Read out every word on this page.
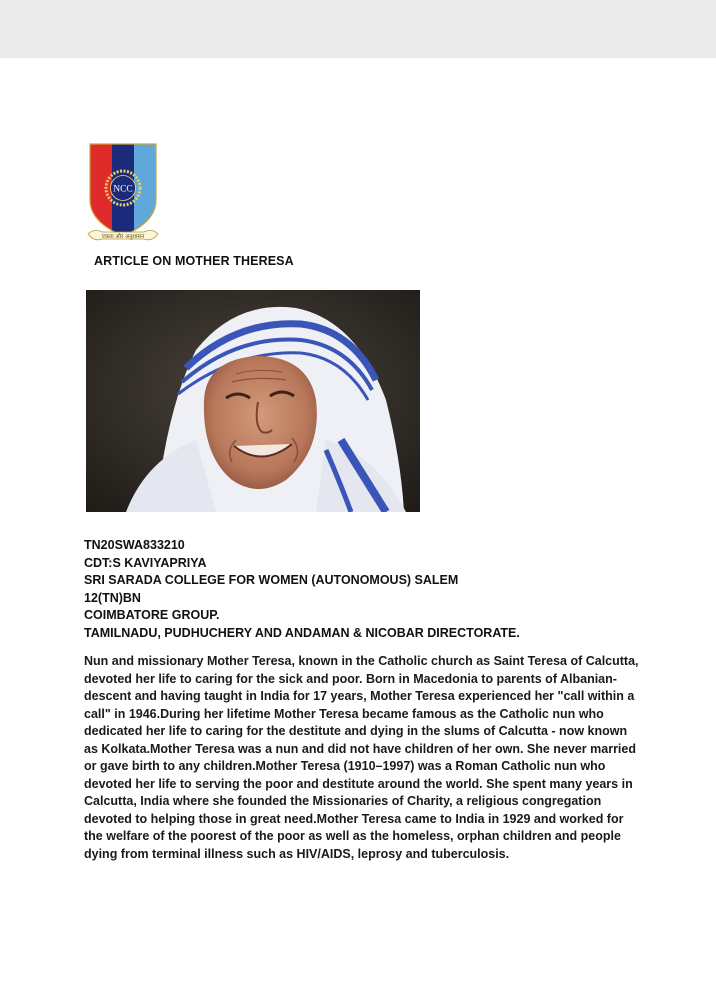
NCC
एकता और अनुशासन
ARTICLE ON MOTHER THERESA
TN20SWA833210
CDT:S KAVIYAPRIYA
SRI SARADA COLLEGE FOR WOMEN (AUTONOMOUS) SALEM
12(TN)BN
COIMBATORE GROUP.
TAMILNADU, PUDHUCHERY AND ANDAMAN & NICOBAR DIRECTORATE.

Nun and missionary Mother Teresa, known in the Catholic church as Saint Teresa of Calcutta, devoted her life to caring for the sick and poor. Born in Macedonia to parents of Albanian-descent and having taught in India for 17 years, Mother Teresa experienced her "call within a call" in 1946.During her lifetime Mother Teresa became famous as the Catholic nun who dedicated her life to caring for the destitute and dying in the slums of Calcutta - now known as Kolkata.Mother Teresa was a nun and did not have children of her own. She never married or gave birth to any children.Mother Teresa (1910–1997) was a Roman Catholic nun who devoted her life to serving the poor and destitute around the world. She spent many years in Calcutta, India where she founded the Missionaries of Charity, a religious congregation devoted to helping those in great need.Mother Teresa came to India in 1929 and worked for the welfare of the poorest of the poor as well as the homeless, orphan children and people dying from terminal illness such as HIV/AIDS, leprosy and tuberculosis.
